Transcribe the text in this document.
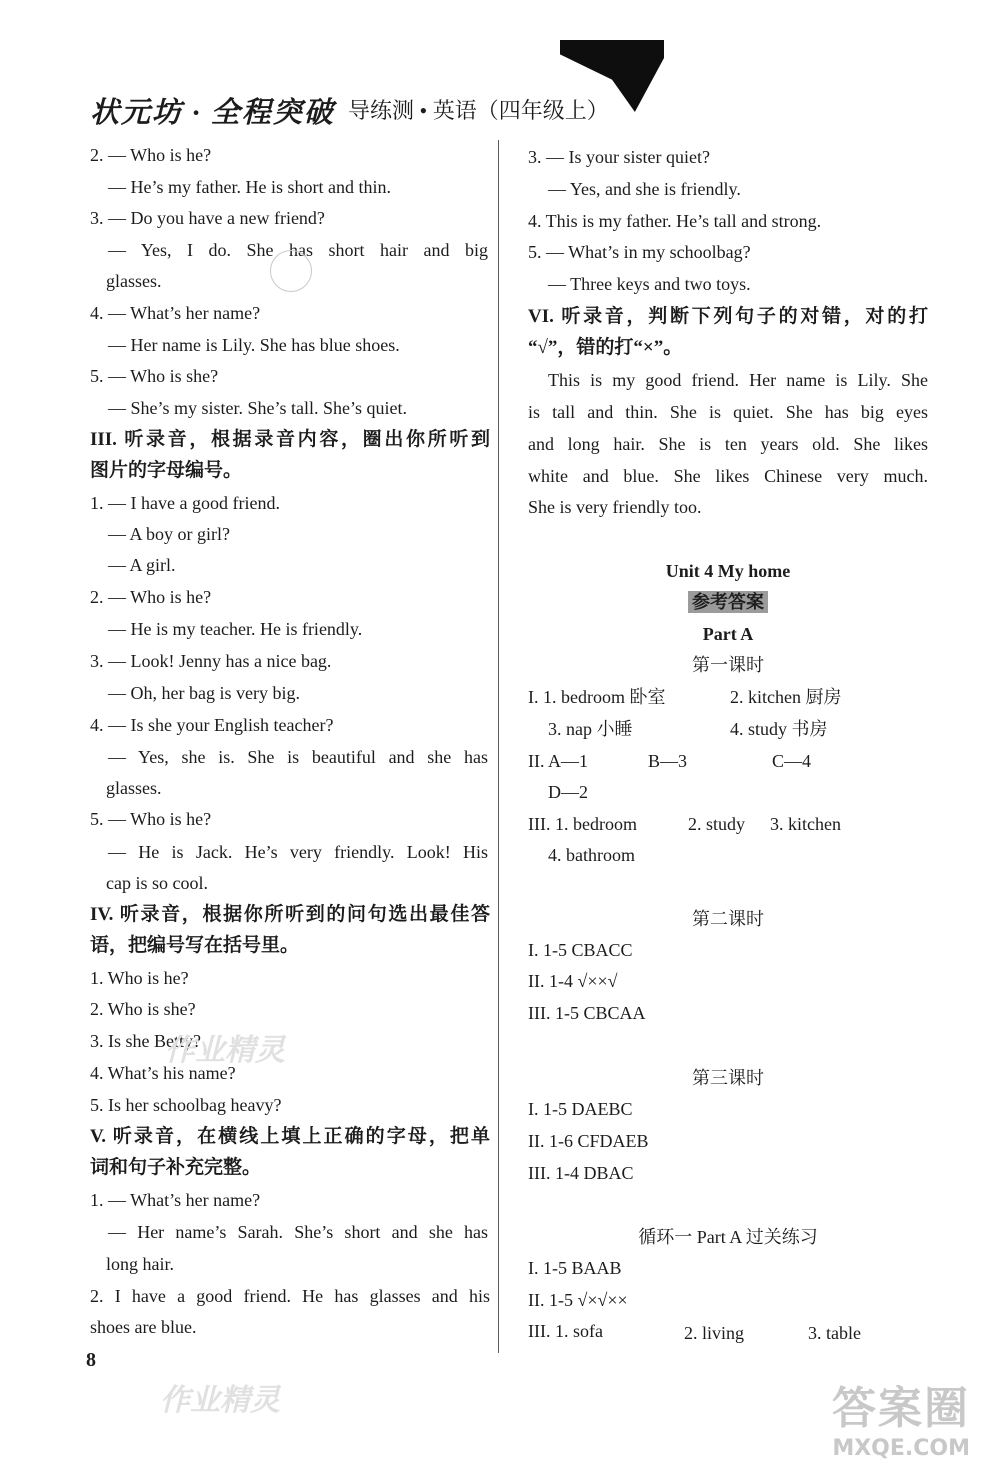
状元坊 · 全程突破 导练测 • 英语（四年级上）
2. — Who is he?
— He’s my father. He is short and thin.
3. — Do you have a new friend?
— Yes, I do. She has short hair and big
glasses.
4. — What’s her name?
— Her name is Lily. She has blue shoes.
5. — Who is she?
— She’s my sister. She’s tall. She’s quiet.
III. 听录音，根据录音内容，圈出你所听到
图片的字母编号。
1. — I have a good friend.
— A boy or girl?
— A girl.
2. — Who is he?
— He is my teacher. He is friendly.
3. — Look! Jenny has a nice bag.
— Oh, her bag is very big.
4. — Is she your English teacher?
— Yes, she is. She is beautiful and she has
glasses.
5. — Who is he?
— He is Jack. He’s very friendly. Look! His
cap is so cool.
IV. 听录音，根据你所听到的问句选出最佳答
语，把编号写在括号里。
1. Who is he?
2. Who is she?
3. Is she Betty?
4. What’s his name?
5. Is her schoolbag heavy?
V. 听录音，在横线上填上正确的字母，把单
词和句子补充完整。
1. — What’s her name?
— Her name’s Sarah. She’s short and she has
long hair.
2. I have a good friend. He has glasses and his
shoes are blue.
3. — Is your sister quiet?
— Yes, and she is friendly.
4. This is my father. He’s tall and strong.
5. — What’s in my schoolbag?
— Three keys and two toys.
VI. 听录音，判断下列句子的对错，对的打
“√”，错的打“×”。
This is my good friend. Her name is Lily. She
is tall and thin. She is quiet. She has big eyes
and long hair. She is ten years old. She likes
white and blue. She likes Chinese very much.
She is very friendly too.
Unit 4 My home
参考答案
Part A
第一课时
I. 1. bedroom 卧室	2. kitchen 厨房
3. nap 小睡	4. study 书房
II. A—1	B—3	C—4
D—2
III. 1. bedroom	2. study 3. kitchen
4. bathroom
第二课时
I. 1-5 CBACC
II. 1-4 √××√
III. 1-5 CBCAA
第三课时
I. 1-5 DAEBC
II. 1-6 CFDAEB
III. 1-4 DBAC
循环一 Part A 过关练习
I. 1-5 BAAB
II. 1-5 √×√××
III. 1. sofa	2. living	3. table
8
作业精灵
作业精灵	答案圈
MXQE.COM
